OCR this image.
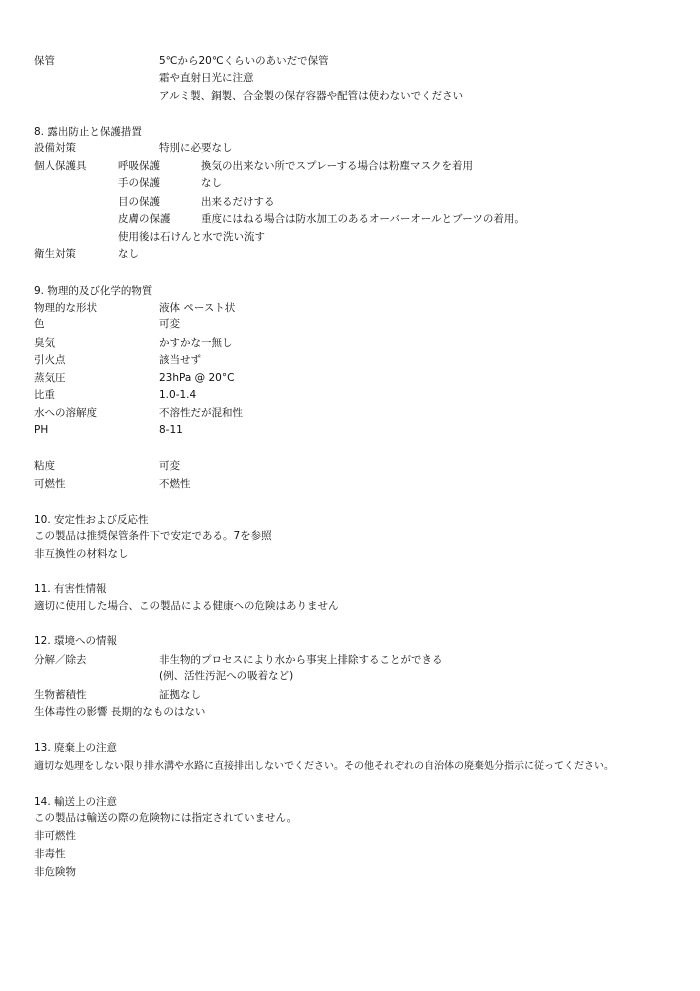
保管	5℃から20℃くらいのあいだで保管
霜や直射日光に注意
アルミ製、銅製、合金製の保存容器や配管は使わないでください
8. 露出防止と保護措置
設備対策	特別に必要なし
個人保護具	呼吸保護	換気の出来ない所でスプレーする場合は粉塵マスクを着用
手の保護	なし
目の保護	出来るだけする
皮膚の保護	重度にはねる場合は防水加工のあるオーバーオールとブーツの着用。
使用後は石けんと水で洗い流す
衛生対策	なし
9. 物理的及び化学的物質
物理的な形状	液体 ペースト状
色	可変
臭気	かすかな一無し
引火点	該当せず
蒸気圧	23hPa @ 20°C
比重	1.0-1.4
水への溶解度	不溶性だが混和性
PH	8-11
粘度	可変
可燃性	不燃性
10. 安定性および反応性
この製品は推奨保管条件下で安定である。7を参照
非互換性の材料なし
11. 有害性情報
適切に使用した場合、この製品による健康への危険はありません
12. 環境への情報
分解／除去	非生物的プロセスにより水から事実上排除することができる
(例、活性汚泥への吸着など)
生物蓄積性	証拠なし
生体毒性の影響 長期的なものはない
13. 廃棄上の注意
適切な処理をしない限り排水溝や水路に直接排出しないでください。その他それぞれの自治体の廃棄処分指示に従ってください。
14. 輸送上の注意
この製品は輸送の際の危険物には指定されていません。
非可燃性
非毒性
非危険物
